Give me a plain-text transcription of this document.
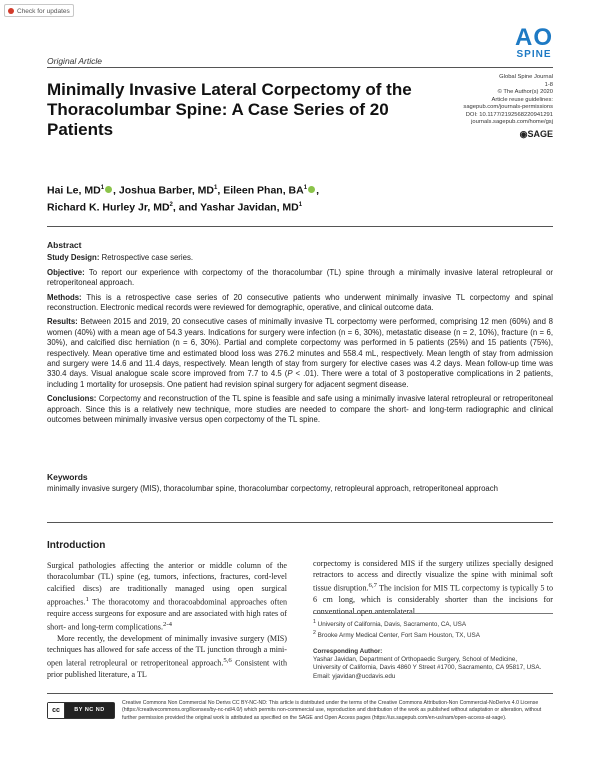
Check for updates
Original Article
AO
SPINE
Global Spine Journal
1-8
© The Author(s) 2020
Article reuse guidelines:
sagepub.com/journals-permissions
DOI: 10.1177/2192568220941291
journals.sagepub.com/home/gsj
◉SAGE
Minimally Invasive Lateral Corpectomy of the Thoracolumbar Spine: A Case Series of 20 Patients
Hai Le, $MD^1$ , Joshua Barber, $MD^1$, Eileen Phan, $BA^1$ ,
Richard K. Hurley Jr, $MD^2$, and Yashar Javidan, $MD^1$
Abstract

Study Design: Retrospective case series.

Objective: To report our experience with corpectomy of the thoracolumbar (TL) spine through a minimally invasive lateral retropleural or retroperitoneal approach.

Methods: This is a retrospective case series of 20 consecutive patients who underwent minimally invasive TL corpectomy and spinal reconstruction. Electronic medical records were reviewed for demographic, operative, and clinical outcome data.

Results: Between 2015 and 2019, 20 consecutive cases of minimally invasive TL corpectomy were performed, comprising 12 men (60%) and 8 women (40%) with a mean age of 54.3 years. Indications for surgery were infection (n = 6, 30%), metastatic disease (n = 2, 10%), fracture (n = 6, 30%), and calcified disc herniation (n = 6, 30%). Partial and complete corpectomy was performed in 5 patients (25%) and 15 patients (75%), respectively. Mean operative time and estimated blood loss was 276.2 minutes and 558.4 mL, respectively. Mean length of stay from admission and surgery were 14.6 and 11.4 days, respectively. Mean length of stay from surgery for elective cases was 4.2 days. Mean follow-up time was 330.4 days. Visual analogue scale score improved from 7.7 to 4.5 (P < .01). There were a total of 3 postoperative complications in 2 patients, including 1 mortality for urosepsis. One patient had revision spinal surgery for adjacent segment disease.

Conclusions: Corpectomy and reconstruction of the TL spine is feasible and safe using a minimally invasive lateral retropleural or retroperitoneal approach. Since this is a relatively new technique, more studies are needed to compare the short- and long-term radiographic and clinical outcomes between minimally invasive versus open corpectomy of the TL spine.

Keywords
minimally invasive surgery (MIS), thoracolumbar spine, thoracolumbar corpectomy, retropleural approach, retroperitoneal approach
Introduction

Surgical pathologies affecting the anterior or middle column of the thoracolumbar (TL) spine (eg, tumors, infections, fractures, cord-level calcified discs) are traditionally managed using open surgical approaches.$^1$ The thoracotomy and thoracoabdominal approaches often require access surgeons for exposure and are associated with high rates of short- and long-term complications.$^{2-4}$

More recently, the development of minimally invasive surgery (MIS) techniques has allowed for safe access of the TL junction through a mini-open lateral retropleural or retroperitoneal approach.$^{5,6}$ Consistent with prior published literature, a TL

corpectomy is considered MIS if the surgery utilizes specially designed retractors to access and directly visualize the spine with minimal soft tissue disruption.$^{6,7}$ The incision for MIS TL corpectomy is typically 5 to 6 cm long, which is considerably shorter than the incisions for conventional open anterolateral
$^1$ University of California, Davis, Sacramento, CA, USA
$^2$ Brooke Army Medical Center, Fort Sam Houston, TX, USA
Corresponding Author:
Yashar Javidan, Department of Orthopaedic Surgery, School of Medicine,
University of California, Davis 4860 Y Street #1700, Sacramento, CA 95817, USA.
Email: yjavidan@ucdavis.edu
cc	BY NC ND
Creative Commons Non Commercial No Derivs CC BY-NC-ND: This article is distributed under the terms of the Creative Commons Attribution-Non Commercial-NoDerivs 4.0 License (https://creativecommons.org/licenses/by-nc-nd/4.0/) which permits non-commercial use, reproduction and distribution of the work as published without adaptation or alteration, without further permission provided the original work is attributed as specified on the SAGE and Open Access pages (https://us.sagepub.com/en-us/nam/open-access-at-sage).
